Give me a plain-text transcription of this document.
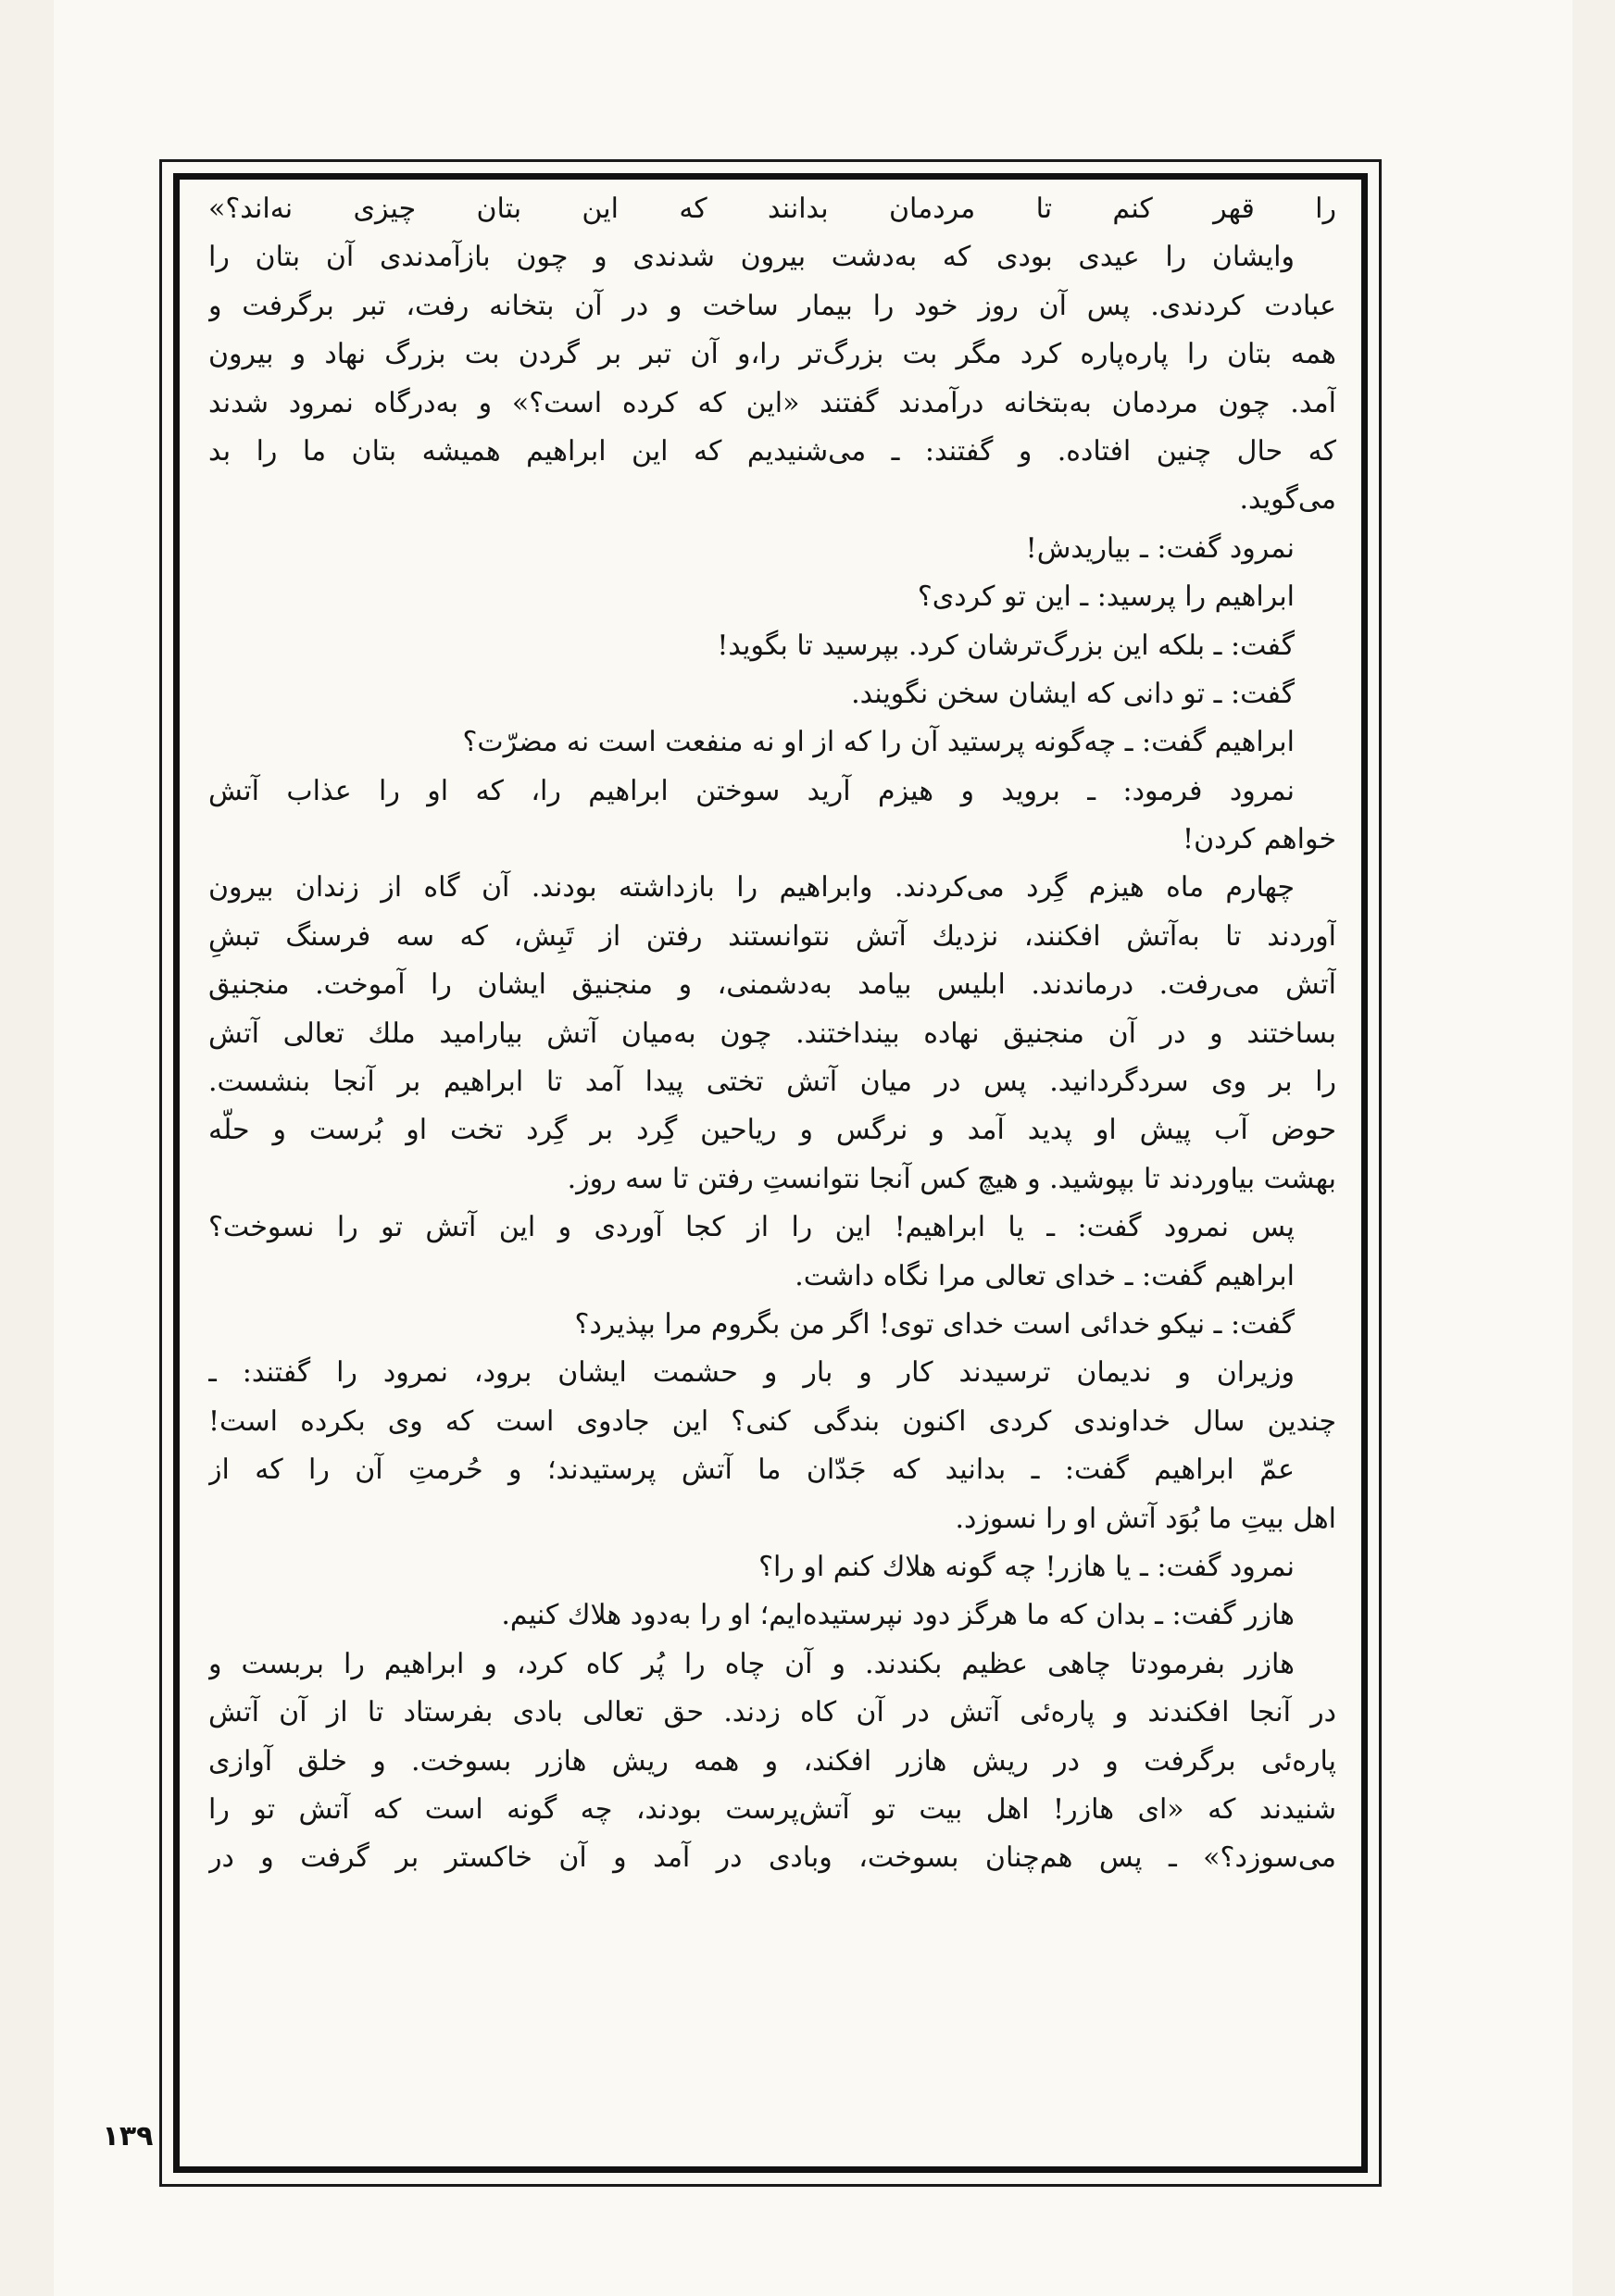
را قهر کنم تا مردمان بدانند که این بتان چیزی نه‌اند؟»
وایشان را عیدی بودی که به‌دشت بیرون شدندی و چون بازآمدندی آن بتان را
عبادت کردندی. پس آن روز خود را بیمار ساخت و در آن بتخانه رفت، تبر برگرفت و
همه بتان را پاره‌پاره کرد مگر بت بزرگ‌تر را،و آن تبر بر گردن بت بزرگ نهاد و بیرون
آمد. چون مردمان به‌بتخانه درآمدند گفتند «این که کرده است؟» و به‌درگاه نمرود شدند
که حال چنین افتاده. و گفتند: ـ می‌شنیدیم که این ابراهیم همیشه بتان ما را بد
می‌گوید.
نمرود گفت: ـ بیاریدش!
ابراهیم را پرسید: ـ این تو کردی؟
گفت: ـ بلکه این بزرگ‌ترشان کرد. بپرسید تا بگوید!
گفت: ـ تو دانی که ایشان سخن نگویند.
ابراهیم گفت: ـ چه‌گونه پرستید آن را که از او نه منفعت است نه مضرّت؟
نمرود فرمود: ـ بروید و هیزم آرید سوختن ابراهیم را، که او را عذاب آتش
خواهم کردن!
چهارم ماه هیزم گِرد می‌کردند. وابراهیم را بازداشته بودند. آن گاه از زندان بیرون
آوردند تا به‌آتش افکنند، نزدیك آتش نتوانستند رفتن از تَبِش، که سه فرسنگ تبشِ
آتش می‌رفت. درماندند. ابلیس بیامد به‌دشمنی، و منجنیق ایشان را آموخت. منجنیق
بساختند و در آن منجنیق نهاده بینداختند. چون به‌میان آتش بیارامید ملك تعالی آتش
را بر وی سردگردانید. پس در میان آتش تختی پیدا آمد تا ابراهیم بر آنجا بنشست.
حوض آب پیش او پدید آمد و نرگس و ریاحین گِرد بر گِرد تخت او بُرست و حلّه
بهشت بیاوردند تا بپوشید. و هیچ کس آنجا نتوانستِ رفتن تا سه روز.
پس نمرود گفت: ـ یا ابراهیم! این را از کجا آوردی و این آتش تو را نسوخت؟
ابراهیم گفت: ـ خدای تعالی مرا نگاه داشت.
گفت: ـ نیکو خدائی است خدای توی! اگر من بگروم مرا بپذیرد؟
وزیران و ندیمان ترسیدند کار و بار و حشمت ایشان برود، نمرود را گفتند: ـ
چندین سال خداوندی کردی اکنون بندگی کنی؟ این جادوی است که وی بکرده است!
عمّ ابراهیم گفت: ـ بدانید که جَدّان ما آتش پرستیدند؛ و حُرمتِ آن را که از
اهل بیتِ ما بُوَد آتش او را نسوزد.
نمرود گفت: ـ یا هازر! چه گونه هلاك کنم او را؟
هازر گفت: ـ بدان که ما هرگز دود نپرستیده‌ایم؛ او را به‌دود هلاك کنیم.
هازر بفرمودتا چاهی عظیم بکندند. و آن چاه را پُر کاه کرد، و ابراهیم را بربست و
در آنجا افکندند و پاره‌ئی آتش در آن کاه زدند. حق تعالی بادی بفرستاد تا از آن آتش
پاره‌ئی برگرفت و در ریش هازر افکند، و همه ریش هازر بسوخت. و خلق آوازی
شنیدند که «ای هازر! اهل بیت تو آتش‌پرست بودند، چه گونه است که آتش تو را
می‌سوزد؟» ـ پس هم‌چنان بسوخت، وبادی در آمد و آن خاکستر بر گرفت و در
۱۳۹
